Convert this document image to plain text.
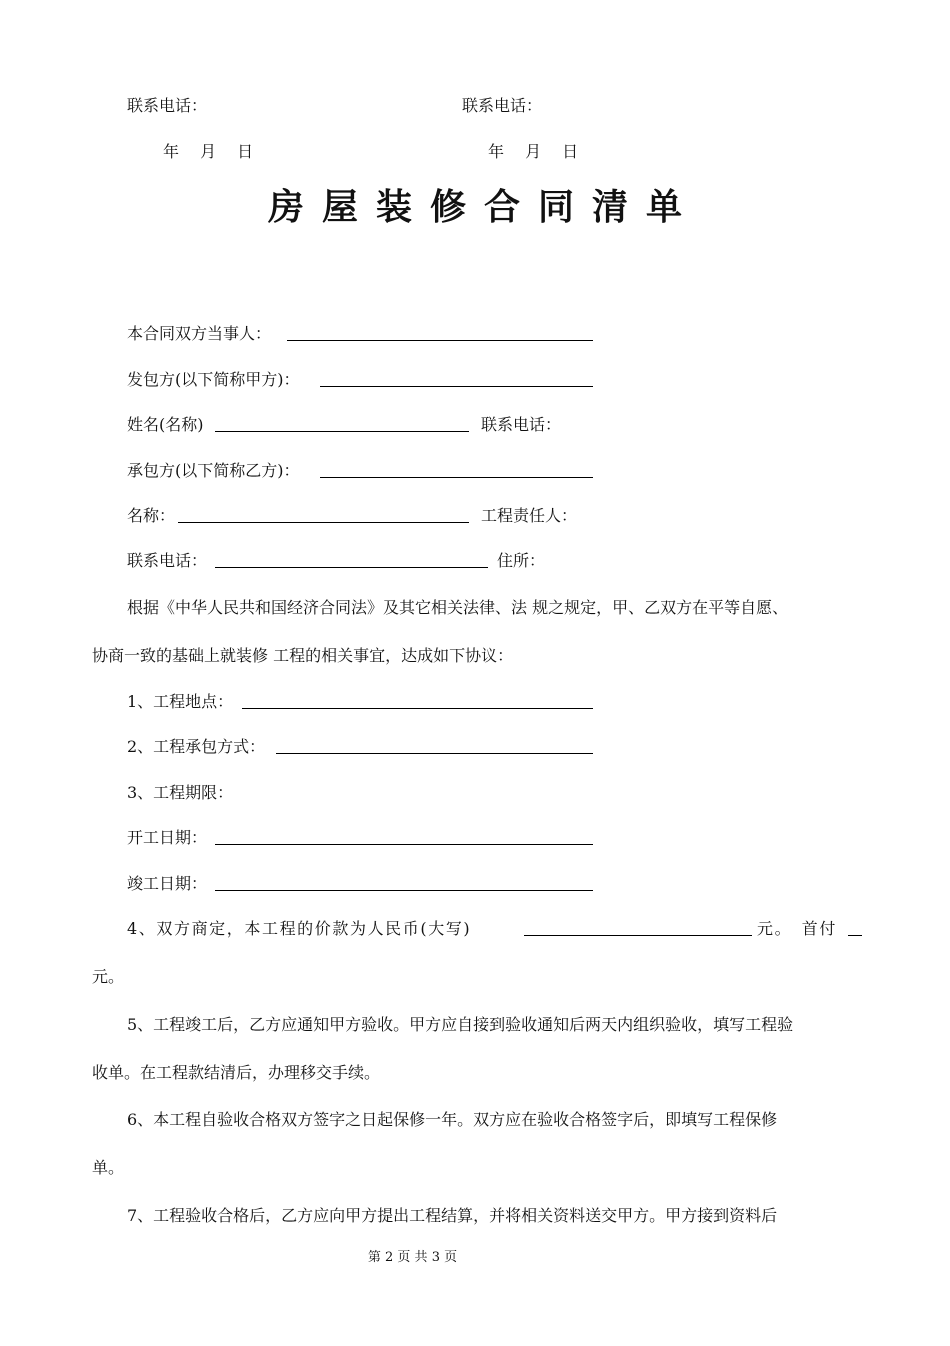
联系电话：	联系电话：
年　 月　 日	年　 月　 日
房屋装修合同清单
本合同双方当事人：
发包方(以下简称甲方)：
姓名(名称)	联系电话：
承包方(以下简称乙方)：
名称：	工程责任人：
联系电话：	住所：
根据《中华人民共和国经济合同法》及其它相关法律、法 规之规定，甲、乙双方在平等自愿、
协商一致的基础上就装修 工程的相关事宜，达成如下协议：
1、工程地点：
2、工程承包方式：
3、工程期限：
开工日期：
竣工日期：
4、双方商定，本工程的价款为人民币(大写)	元。　首付
元。
5、工程竣工后，乙方应通知甲方验收。甲方应自接到验收通知后两天内组织验收，填写工程验
收单。在工程款结清后，办理移交手续。
6、本工程自验收合格双方签字之日起保修一年。双方应在验收合格签字后，即填写工程保修
单。
7、工程验收合格后，乙方应向甲方提出工程结算，并将相关资料送交甲方。甲方接到资料后
第 2 页 共 3 页
